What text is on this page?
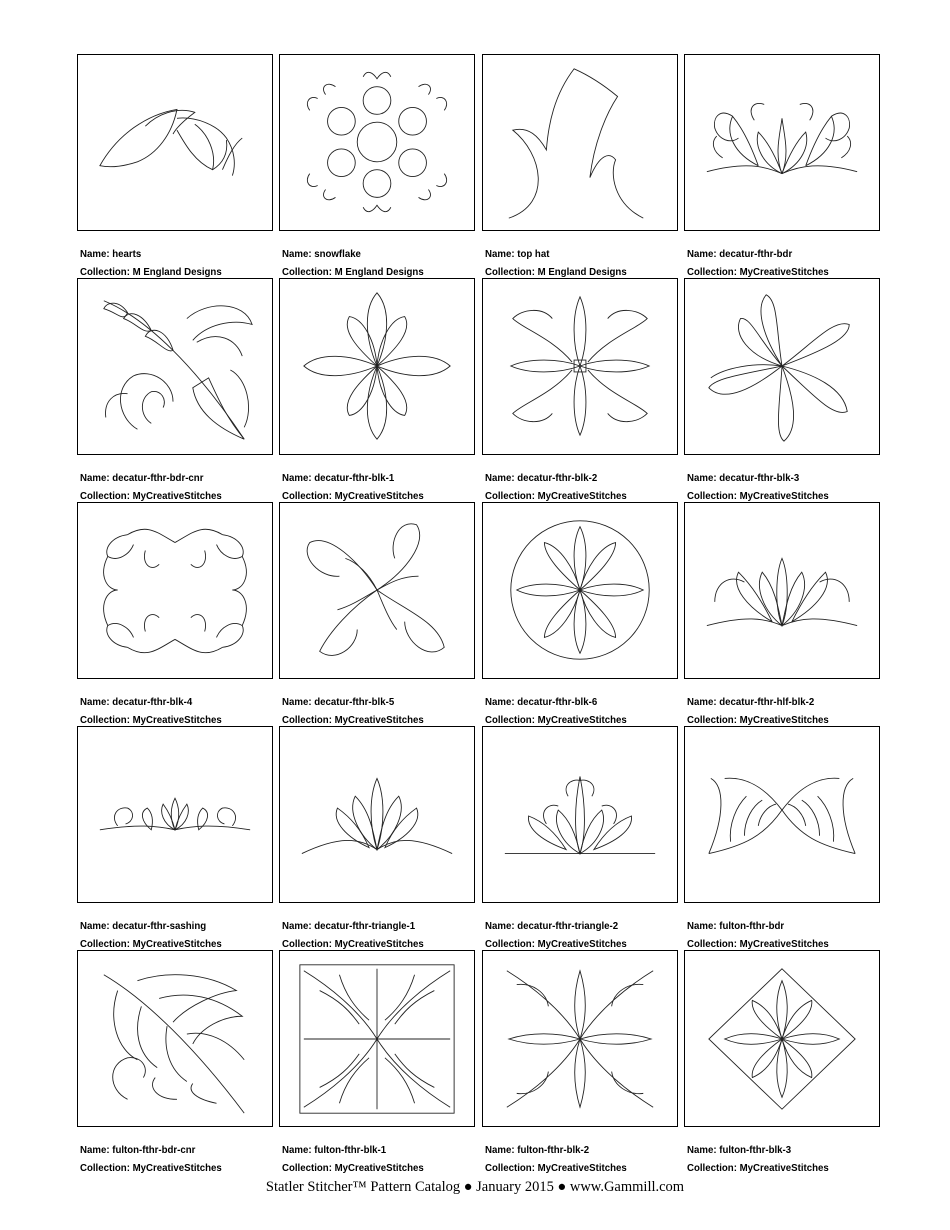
Name: hearts
Collection: M England Designs
Name: snowflake
Collection: M England Designs
Name: top hat
Collection: M England Designs
Name: decatur-fthr-bdr
Collection: MyCreativeStitches
Name: decatur-fthr-bdr-cnr
Collection: MyCreativeStitches
Name: decatur-fthr-blk-1
Collection: MyCreativeStitches
Name: decatur-fthr-blk-2
Collection: MyCreativeStitches
Name: decatur-fthr-blk-3
Collection: MyCreativeStitches
Name: decatur-fthr-blk-4
Collection: MyCreativeStitches
Name: decatur-fthr-blk-5
Collection: MyCreativeStitches
Name: decatur-fthr-blk-6
Collection: MyCreativeStitches
Name: decatur-fthr-hlf-blk-2
Collection: MyCreativeStitches
Name: decatur-fthr-sashing
Collection: MyCreativeStitches
Name: decatur-fthr-triangle-1
Collection: MyCreativeStitches
Name: decatur-fthr-triangle-2
Collection: MyCreativeStitches
Name: fulton-fthr-bdr
Collection: MyCreativeStitches
Name: fulton-fthr-bdr-cnr
Collection: MyCreativeStitches
Name: fulton-fthr-blk-1
Collection: MyCreativeStitches
Name: fulton-fthr-blk-2
Collection: MyCreativeStitches
Name: fulton-fthr-blk-3
Collection: MyCreativeStitches
Statler Stitcher™ Pattern Catalog ● January 2015 ● www.Gammill.com
